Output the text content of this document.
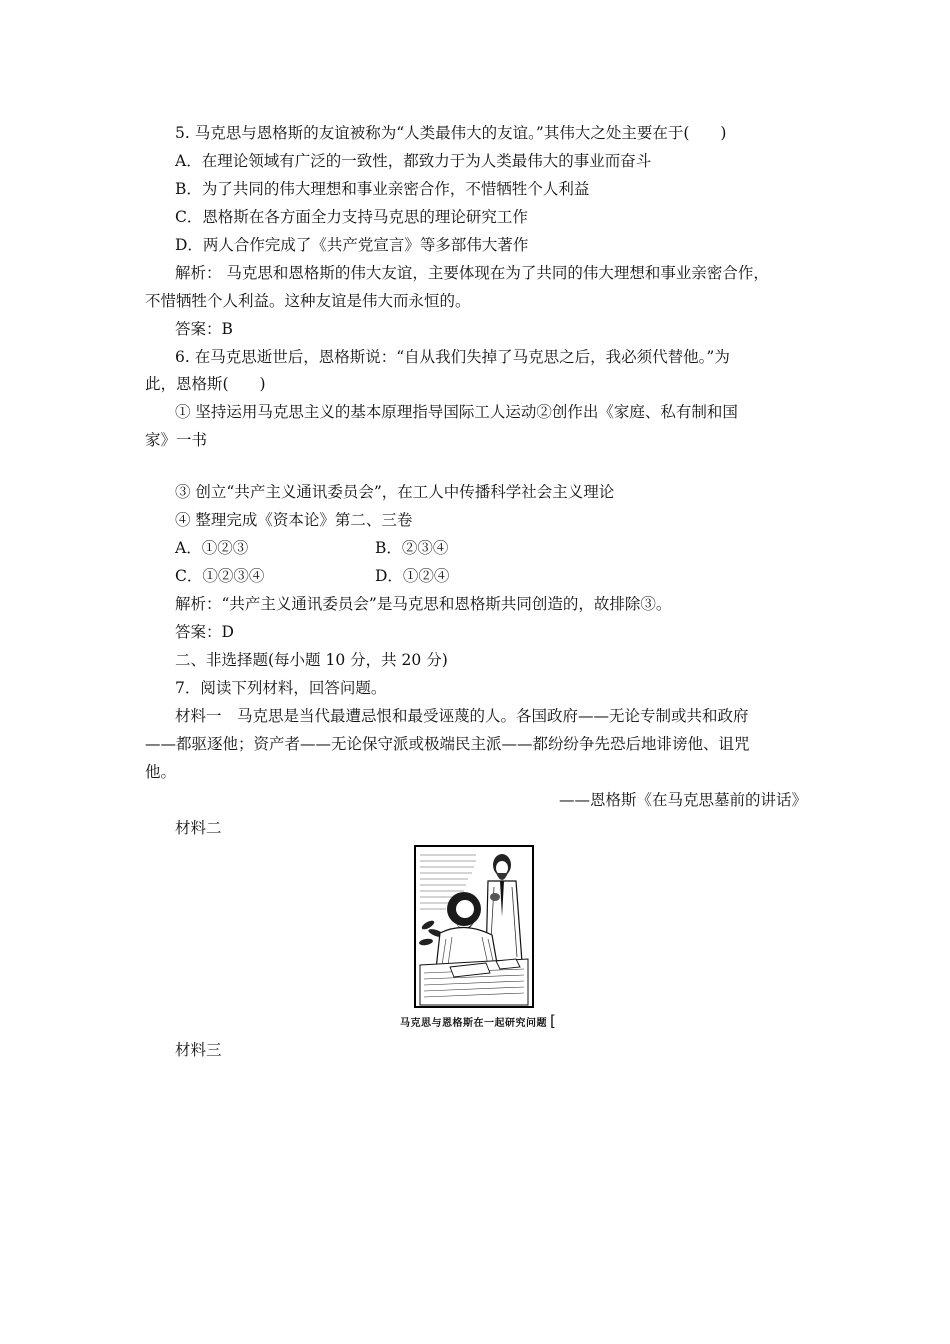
5. 马克思与恩格斯的友谊被称为“人类最伟大的友谊。”其伟大之处主要在于(　　)
A．在理论领域有广泛的一致性，都致力于为人类最伟大的事业而奋斗
B．为了共同的伟大理想和事业亲密合作，不惜牺牲个人利益
C．恩格斯在各方面全力支持马克思的理论研究工作
D．两人合作完成了《共产党宣言》等多部伟大著作
解析： 马克思和恩格斯的伟大友谊，主要体现在为了共同的伟大理想和事业亲密合作，
不惜牺牲个人利益。这种友谊是伟大而永恒的。
答案：B
6. 在马克思逝世后，恩格斯说：“自从我们失掉了马克思之后，我必须代替他。”为
此，恩格斯(　　)
① 坚持运用马克思主义的基本原理指导国际工人运动②创作出《家庭、私有制和国
家》一书
③ 创立“共产主义通讯委员会”，在工人中传播科学社会主义理论
④ 整理完成《资本论》第二、三卷
A．①②③	B．②③④
C．①②③④	D．①②④
解析：“共产主义通讯委员会”是马克思和恩格斯共同创造的，故排除③。
答案：D
二、非选择题(每小题 10 分，共 20 分)
7．阅读下列材料，回答问题。
材料一　马克思是当代最遭忌恨和最受诬蔑的人。各国政府——无论专制或共和政府
——都驱逐他；资产者——无论保守派或极端民主派——都纷纷争先恐后地诽谤他、诅咒
他。
——恩格斯《在马克思墓前的讲话》
材料二
马克思与恩格斯在一起研究问题 [
材料三
